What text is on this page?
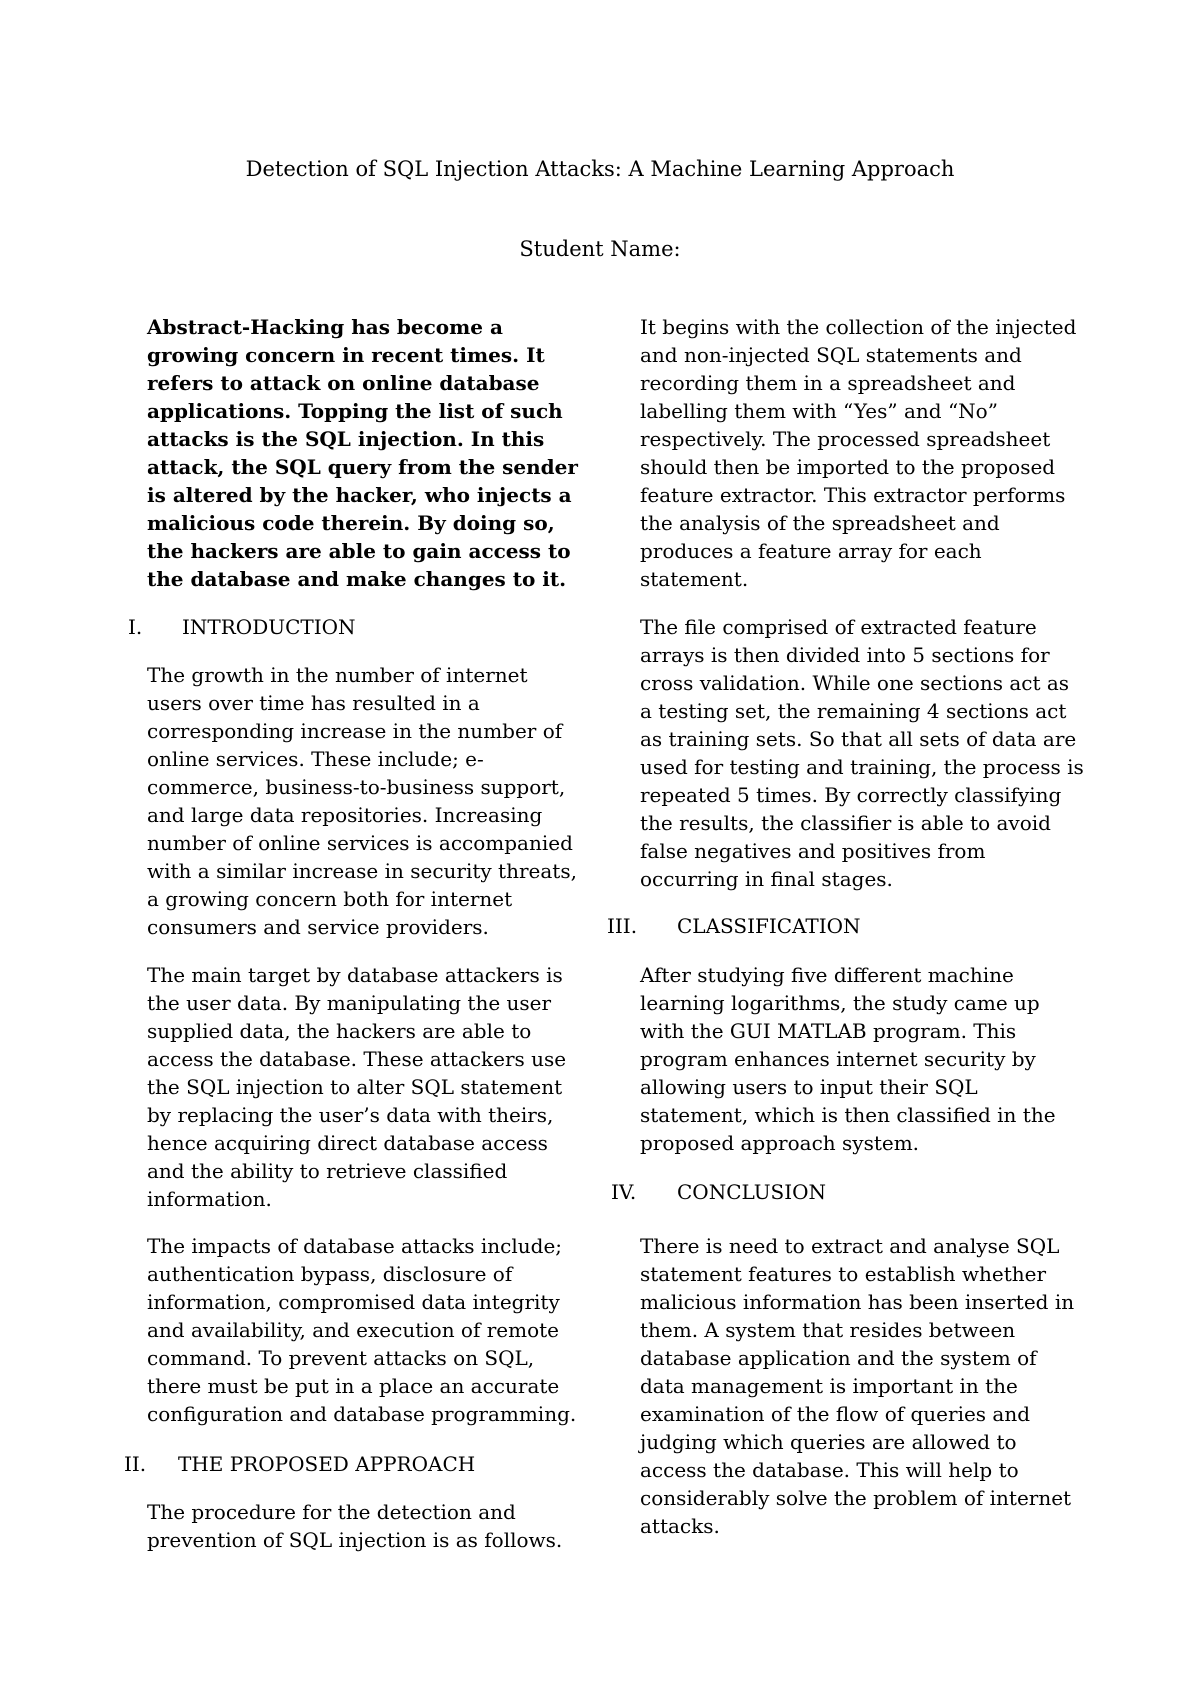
Detection of SQL Injection Attacks: A Machine Learning Approach
Student Name:

Abstract-Hacking has become a growing concern in recent times. It refers to attack on online database applications. Topping the list of such attacks is the SQL injection. In this attack, the SQL query from the sender is altered by the hacker, who injects a malicious code therein. By doing so, the hackers are able to gain access to the database and make changes to it.

I. INTRODUCTION

The growth in the number of internet users over time has resulted in a corresponding increase in the number of online services. These include; e-commerce, business-to-business support, and large data repositories. Increasing number of online services is accompanied with a similar increase in security threats, a growing concern both for internet consumers and service providers.

The main target by database attackers is the user data. By manipulating the user supplied data, the hackers are able to access the database. These attackers use the SQL injection to alter SQL statement by replacing the user’s data with theirs, hence acquiring direct database access and the ability to retrieve classified information.

The impacts of database attacks include; authentication bypass, disclosure of information, compromised data integrity and availability, and execution of remote command. To prevent attacks on SQL, there must be put in a place an accurate configuration and database programming.

II. THE PROPOSED APPROACH

The procedure for the detection and prevention of SQL injection is as follows.

It begins with the collection of the injected and non-injected SQL statements and recording them in a spreadsheet and labelling them with “Yes” and “No” respectively. The processed spreadsheet should then be imported to the proposed feature extractor. This extractor performs the analysis of the spreadsheet and produces a feature array for each statement.

The file comprised of extracted feature arrays is then divided into 5 sections for cross validation. While one sections act as a testing set, the remaining 4 sections act as training sets. So that all sets of data are used for testing and training, the process is repeated 5 times. By correctly classifying the results, the classifier is able to avoid false negatives and positives from occurring in final stages.

III. CLASSIFICATION

After studying five different machine learning logarithms, the study came up with the GUI MATLAB program. This program enhances internet security by allowing users to input their SQL statement, which is then classified in the proposed approach system.

IV. CONCLUSION

There is need to extract and analyse SQL statement features to establish whether malicious information has been inserted in them. A system that resides between database application and the system of data management is important in the examination of the flow of queries and judging which queries are allowed to access the database. This will help to considerably solve the problem of internet attacks.
